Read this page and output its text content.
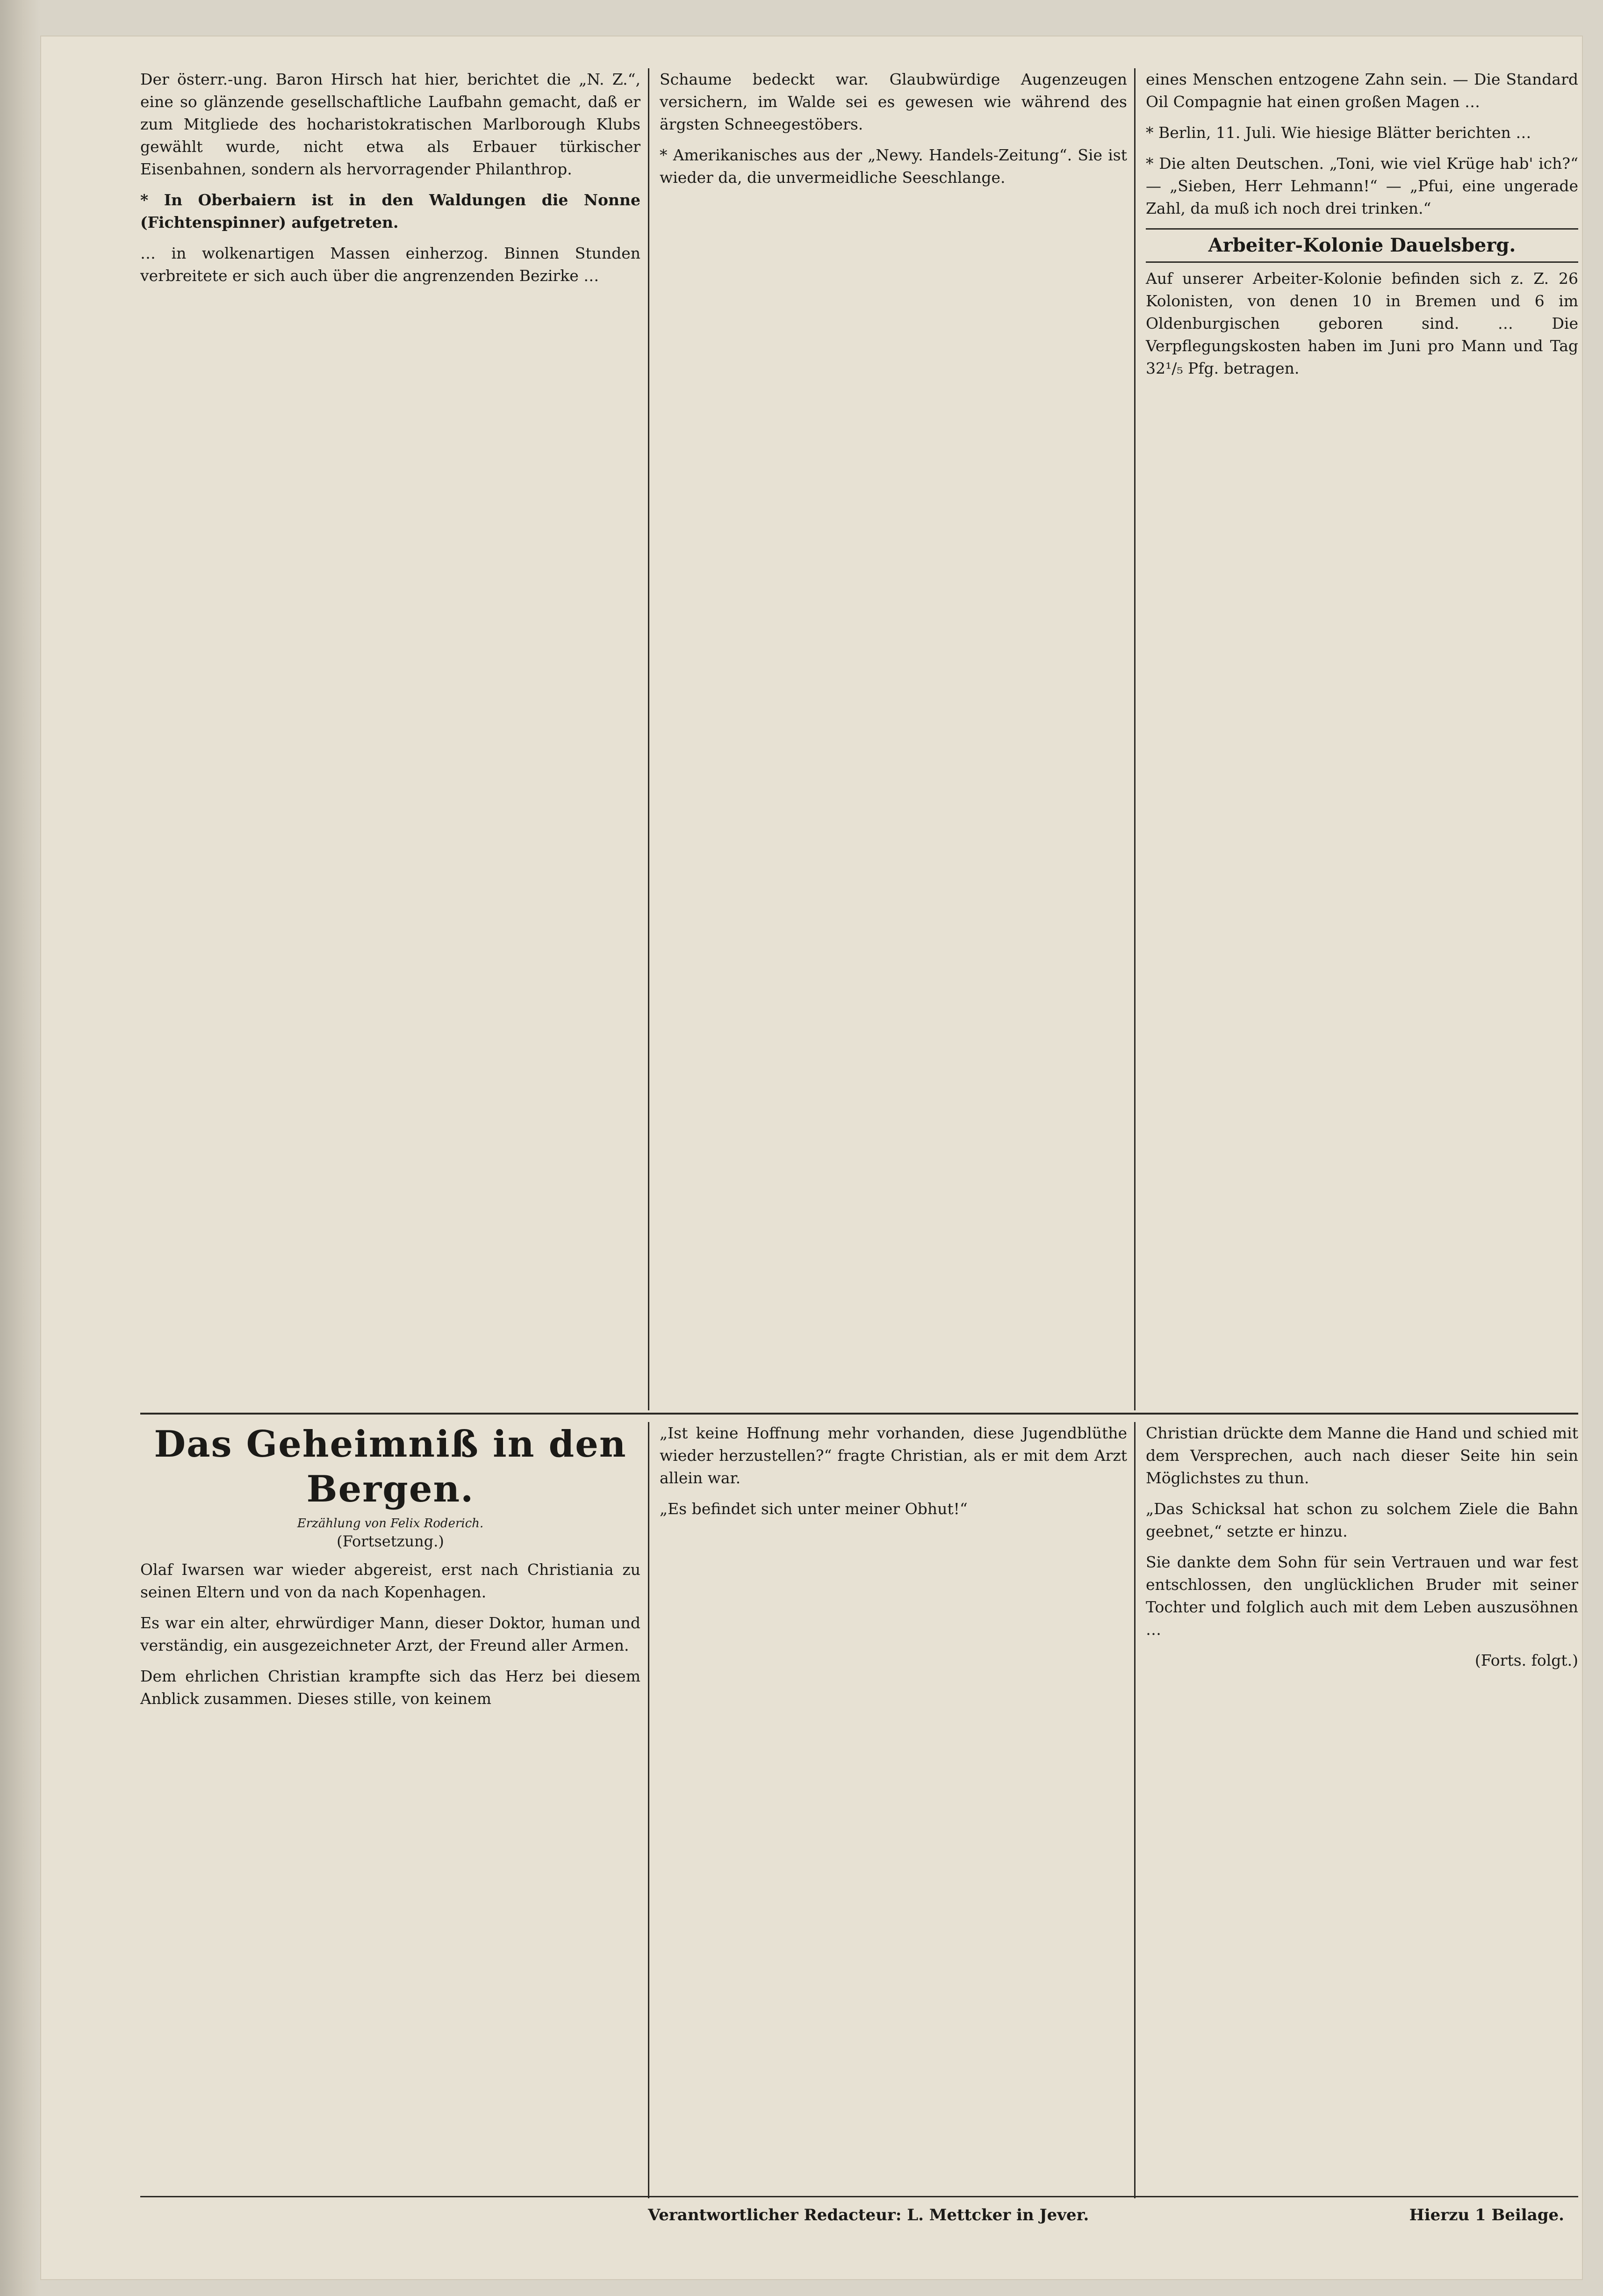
Der österr.-ung. Baron Hirsch hat hier, berichtet die „N. Z.“, eine so glänzende gesellschaftliche Laufbahn gemacht, daß er zum Mitgliede des hocharistokratischen Marlborough Klubs gewählt wurde, nicht etwa als Erbauer türkischer Eisenbahnen, sondern als hervorragender Philanthrop.

* In Oberbaiern ist in den Waldungen die Nonne (Fichtenspinner) aufgetreten.

… in wolkenartigen Massen einherzog. Binnen Stunden verbreitete er sich auch über die angrenzenden Bezirke …

Schaume bedeckt war. Glaubwürdige Augenzeugen versichern, im Walde sei es gewesen wie während des ärgsten Schneegestöbers.

* Amerikanisches aus der „Newy. Handels-Zeitung“. Sie ist wieder da, die unvermeidliche Seeschlange.

eines Menschen entzogene Zahn sein. — Die Standard Oil Compagnie hat einen großen Magen …

* Berlin, 11. Juli. Wie hiesige Blätter berichten …

* Die alten Deutschen. „Toni, wie viel Krüge hab' ich?“ — „Sieben, Herr Lehmann!“ — „Pfui, eine ungerade Zahl, da muß ich noch drei trinken.“

Arbeiter-Kolonie Dauelsberg.

Auf unserer Arbeiter-Kolonie befinden sich z. Z. 26 Kolonisten, von denen 10 in Bremen und 6 im Oldenburgischen geboren sind. … Die Verpflegungskosten haben im Juni pro Mann und Tag 32¹/₅ Pfg. betragen.

Das Geheimniß in den Bergen.
Erzählung von Felix Roderich.
(Fortsetzung.)

Olaf Iwarsen war wieder abgereist, erst nach Christiania zu seinen Eltern und von da nach Kopenhagen.

Es war ein alter, ehrwürdiger Mann, dieser Doktor, human und verständig, ein ausgezeichneter Arzt, der Freund aller Armen.

Dem ehrlichen Christian krampfte sich das Herz bei diesem Anblick zusammen. Dieses stille, von keinem

„Ist keine Hoffnung mehr vorhanden, diese Jugendblüthe wieder herzustellen?“ fragte Christian, als er mit dem Arzt allein war.

„Es befindet sich unter meiner Obhut!“

Christian drückte dem Manne die Hand und schied mit dem Versprechen, auch nach dieser Seite hin sein Möglichstes zu thun.

„Das Schicksal hat schon zu solchem Ziele die Bahn geebnet,“ setzte er hinzu.

Sie dankte dem Sohn für sein Vertrauen und war fest entschlossen, den unglücklichen Bruder mit seiner Tochter und folglich auch mit dem Leben auszusöhnen …

(Forts. folgt.)

Verantwortlicher Redacteur: L. Mettcker in Jever.	Hierzu 1 Beilage.
